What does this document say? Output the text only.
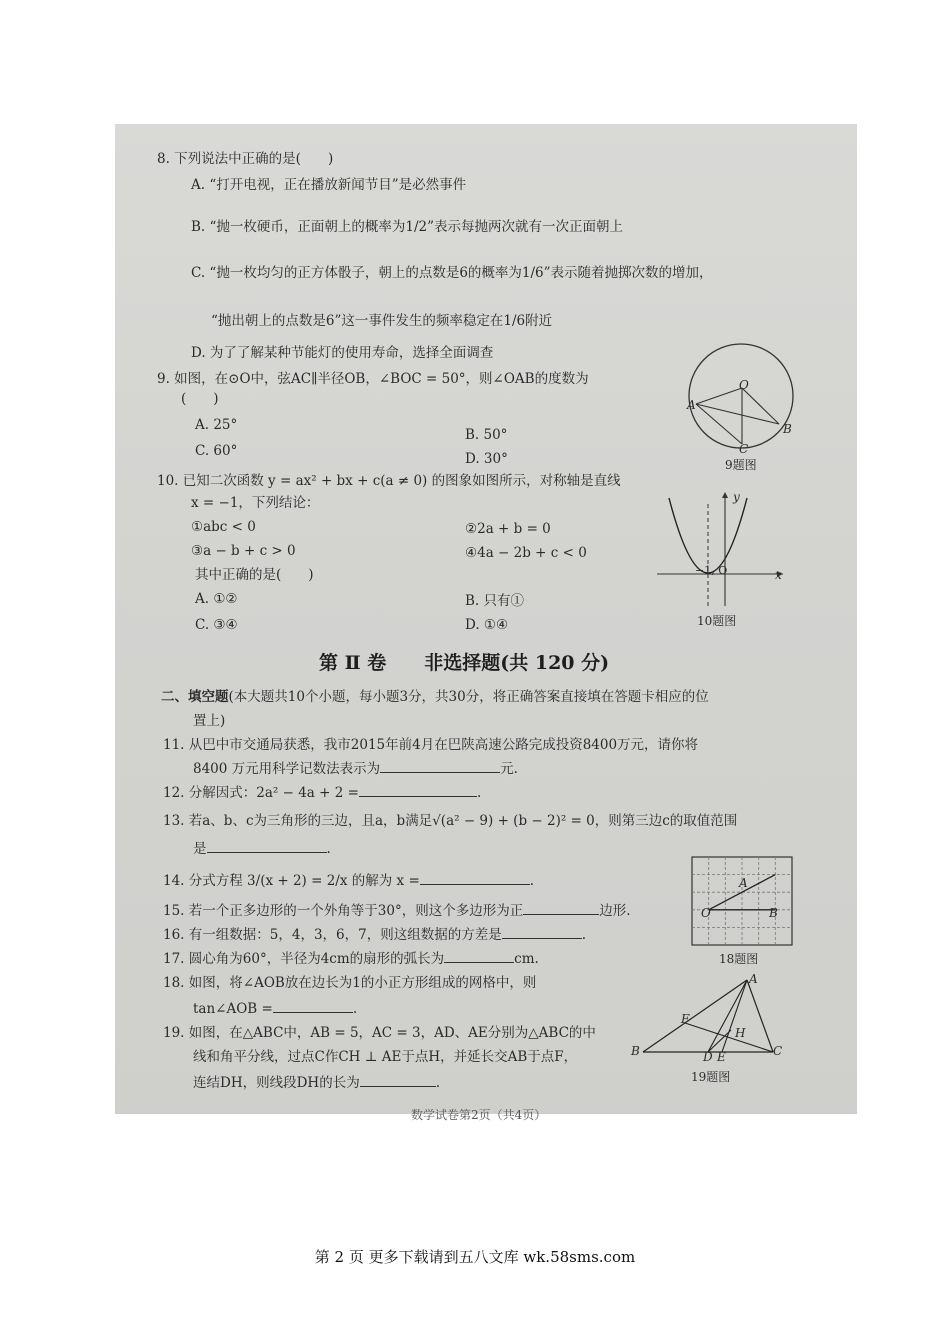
8. 下列说法中正确的是(　　)
A. “打开电视，正在播放新闻节目”是必然事件
B. “抛一枚硬币，正面朝上的概率为1/2”表示每抛两次就有一次正面朝上
C. “抛一枚均匀的正方体骰子，朝上的点数是6的概率为1/6”表示随着抛掷次数的增加，
“抛出朝上的点数是6”这一事件发生的频率稳定在1/6附近
D. 为了了解某种节能灯的使用寿命，选择全面调查
9. 如图，在⊙O中，弦AC∥半径OB，∠BOC = 50°，则∠OAB的度数为
(　　)
A. 25°
B. 50°
C. 60°	D. 30°
O
A
B
C
9题图
10. 已知二次函数 y = ax² + bx + c(a ≠ 0) 的图象如图所示，对称轴是直线
x = −1，下列结论：
①abc < 0	②2a + b = 0
③a − b + c > 0	④4a − 2b + c < 0
其中正确的是(　　)
A. ①②	B. 只有①
C. ③④	D. ①④
y
x
−1, O
10题图
第 Ⅱ 卷　　非选择题(共 120 分)
二、填空题(本大题共10个小题，每小题3分，共30分，将正确答案直接填在答题卡相应的位
置上)
11. 从巴中市交通局获悉，我市2015年前4月在巴陕高速公路完成投资8400万元，请你将
8400 万元用科学记数法表示为	元.
12. 分解因式：2a² − 4a + 2 =	.
13. 若a、b、c为三角形的三边，且a，b满足√(a² − 9) + (b − 2)² = 0，则第三边c的取值范围
是	.
14. 分式方程 3/(x + 2) = 2/x 的解为 x =	.
15. 若一个正多边形的一个外角等于30°，则这个多边形为正	边形.
16. 有一组数据：5，4，3，6，7，则这组数据的方差是	.
17. 圆心角为60°，半径为4cm的扇形的弧长为	cm.
18. 如图，将∠AOB放在边长为1的小正方形组成的网格中，则
tan∠AOB =	.
A
O	B
18题图
19. 如图，在△ABC中，AB = 5，AC = 3，AD、AE分别为△ABC的中
线和角平分线，过点C作CH ⊥ AE于点H，并延长交AB于点F，
连结DH，则线段DH的长为	.
A
F
H
B	D E	C
19题图
数学试卷第2页（共4页）
第 2 页 更多下载请到五八文库 wk.58sms.com
